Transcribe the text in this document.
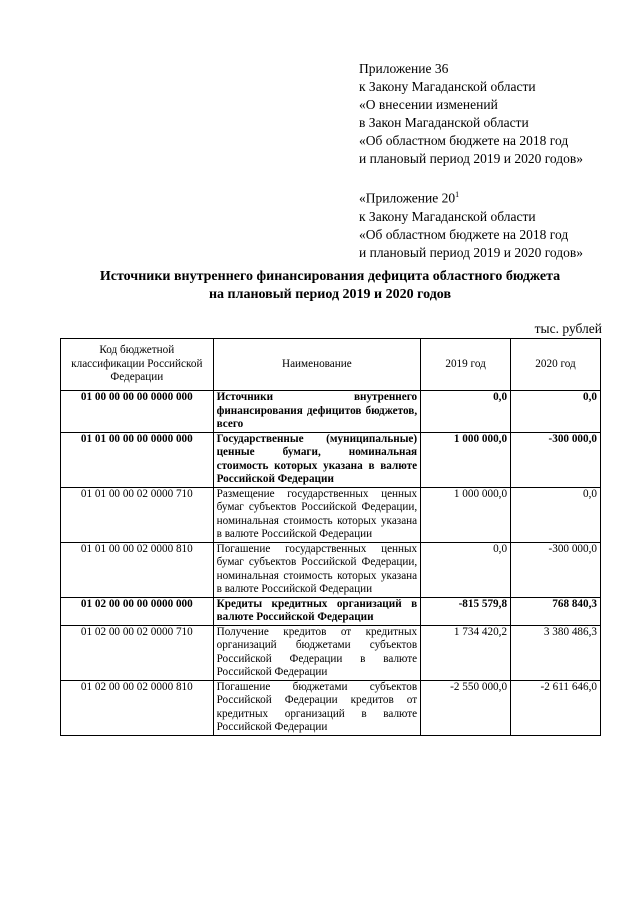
Приложение 36

к Закону Магаданской области

«О внесении изменений

в Закон Магаданской области

«Об областном бюджете на 2018 год

и плановый период 2019 и 2020 годов»

«Приложение $20^1$

к Закону Магаданской области

«Об областном бюджете на 2018 год

и плановый период 2019 и 2020 годов»

Источники внутреннего финансирования дефицита областного бюджета
на плановый период 2019 и 2020 годов
тыс. рублей
Код бюджетной классификации Российской Федерации	Наименование	2019 год	2020 год
01 00 00 00 00 0000 000	Источники внутреннего финансирования дефицитов бюджетов, всего	0,0	0,0
01 01 00 00 00 0000 000	Государственные (муниципальные) ценные бумаги, номинальная стоимость которых указана в валюте Российской Федерации	1 000 000,0	-300 000,0
01 01 00 00 02 0000 710	Размещение государственных ценных бумаг субъектов Российской Федерации, номинальная стоимость которых указана в валюте Российской Федерации	1 000 000,0	0,0
01 01 00 00 02 0000 810	Погашение государственных ценных бумаг субъектов Российской Федерации, номинальная стоимость которых указана в валюте Российской Федерации	0,0	-300 000,0
01 02 00 00 00 0000 000	Кредиты кредитных организаций в валюте Российской Федерации	-815 579,8	768 840,3
01 02 00 00 02 0000 710	Получение кредитов от кредитных организаций бюджетами субъектов Российской Федерации в валюте Российской Федерации	1 734 420,2	3 380 486,3
01 02 00 00 02 0000 810	Погашение бюджетами субъектов Российской Федерации кредитов от кредитных организаций в валюте Российской Федерации	-2 550 000,0	-2 611 646,0
